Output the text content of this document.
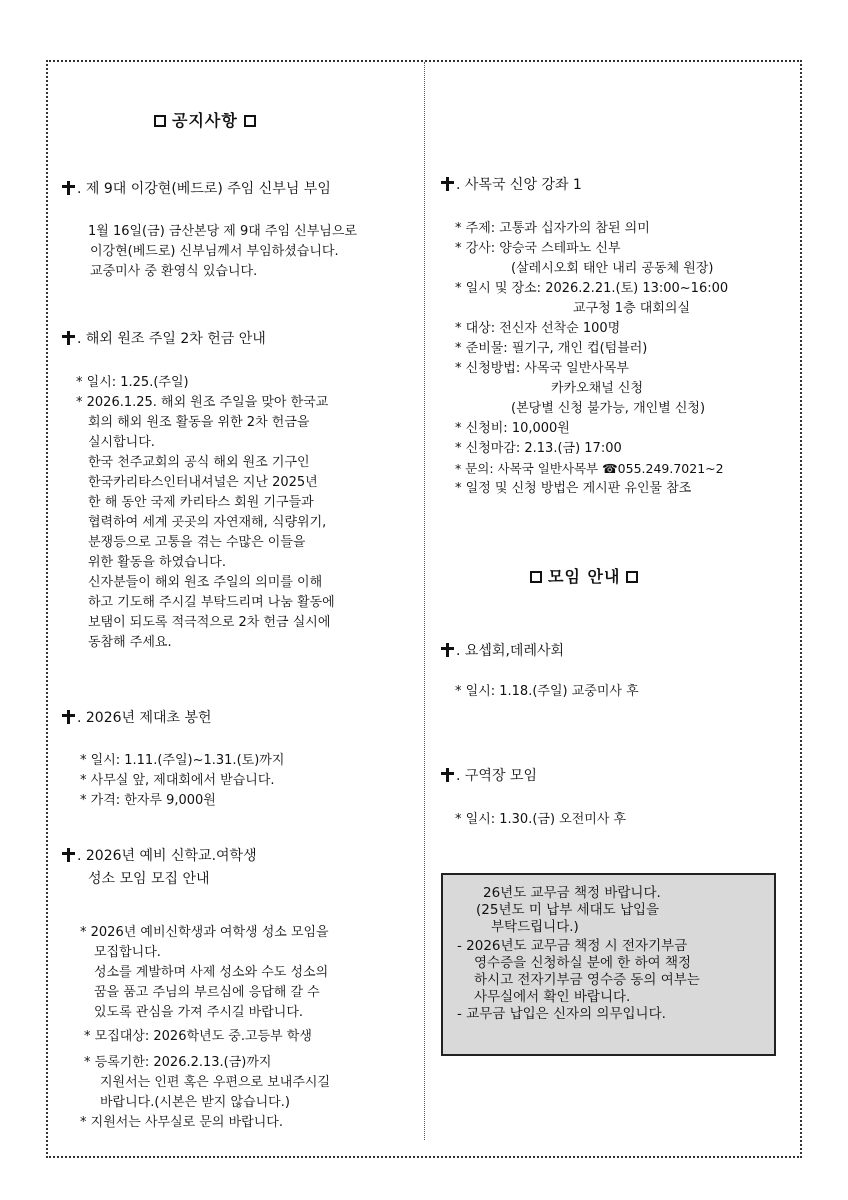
공지사항
. 제 9대 이강현(베드로) 주임 신부님 부임
1월 16일(금) 금산본당 제 9대 주임 신부님으로
이강현(베드로) 신부님께서 부임하셨습니다.
교중미사 중 환영식 있습니다.
. 해외 원조 주일 2차 헌금 안내
* 일시: 1.25.(주일)
* 2026.1.25. 해외 원조 주일을 맞아 한국교
회의 해외 원조 활동을 위한 2차 헌금을
실시합니다.
한국 천주교회의 공식 해외 원조 기구인
한국카리타스인터내셔널은 지난 2025년
한 해 동안 국제 카리타스 회원 기구들과
협력하여 세계 곳곳의 자연재해, 식량위기,
분쟁등으로 고통을 겪는 수많은 이들을
위한 활동을 하였습니다.
신자분들이 해외 원조 주일의 의미를 이해
하고 기도해 주시길 부탁드리며 나눔 활동에
보탬이 되도록 적극적으로 2차 헌금 실시에
동참해 주세요.
. 2026년 제대초 봉헌
* 일시: 1.11.(주일)~1.31.(토)까지
* 사무실 앞, 제대회에서 받습니다.
* 가격: 한자루 9,000원
. 2026년 예비 신학교.여학생
성소 모임 모집 안내
* 2026년 예비신학생과 여학생 성소 모임을
모집합니다.
성소를 계발하며 사제 성소와 수도 성소의
꿈을 품고 주님의 부르심에 응답해 갈 수
있도록 관심을 가져 주시길 바랍니다.
* 모집대상: 2026학년도 중.고등부 학생
* 등록기한: 2026.2.13.(금)까지
지원서는 인편 혹은 우편으로 보내주시길
바랍니다.(시본은 받지 않습니다.)
* 지원서는 사무실로 문의 바랍니다.
. 사목국 신앙 강좌 1
* 주제: 고통과 십자가의 참된 의미
* 강사: 양승국 스테파노 신부
(살레시오회 태안 내리 공동체 원장)
* 일시 및 장소: 2026.2.21.(토) 13:00~16:00
교구청 1층 대회의실
* 대상: 전신자 선착순 100명
* 준비물: 필기구, 개인 컵(텀블러)
* 신청방법: 사목국 일반사목부
카카오채널 신청
(본당별 신청 불가능, 개인별 신청)
* 신청비: 10,000원
* 신청마감: 2.13.(금) 17:00
* 문의: 사목국 일반사목부 ☎055.249.7021~2
* 일정 및 신청 방법은 게시판 유인물 참조
모임 안내
. 요셉회,데레사회
* 일시: 1.18.(주일) 교중미사 후
. 구역장 모임
* 일시: 1.30.(금) 오전미사 후
26년도 교무금 책정 바랍니다.
(25년도 미 납부 세대도 납입을
부탁드립니다.)
- 2026년도 교무금 책정 시 전자기부금
영수증을 신청하실 분에 한 하여 책정
하시고 전자기부금 영수증 동의 여부는
사무실에서 확인 바랍니다.
- 교무금 납입은 신자의 의무입니다.
